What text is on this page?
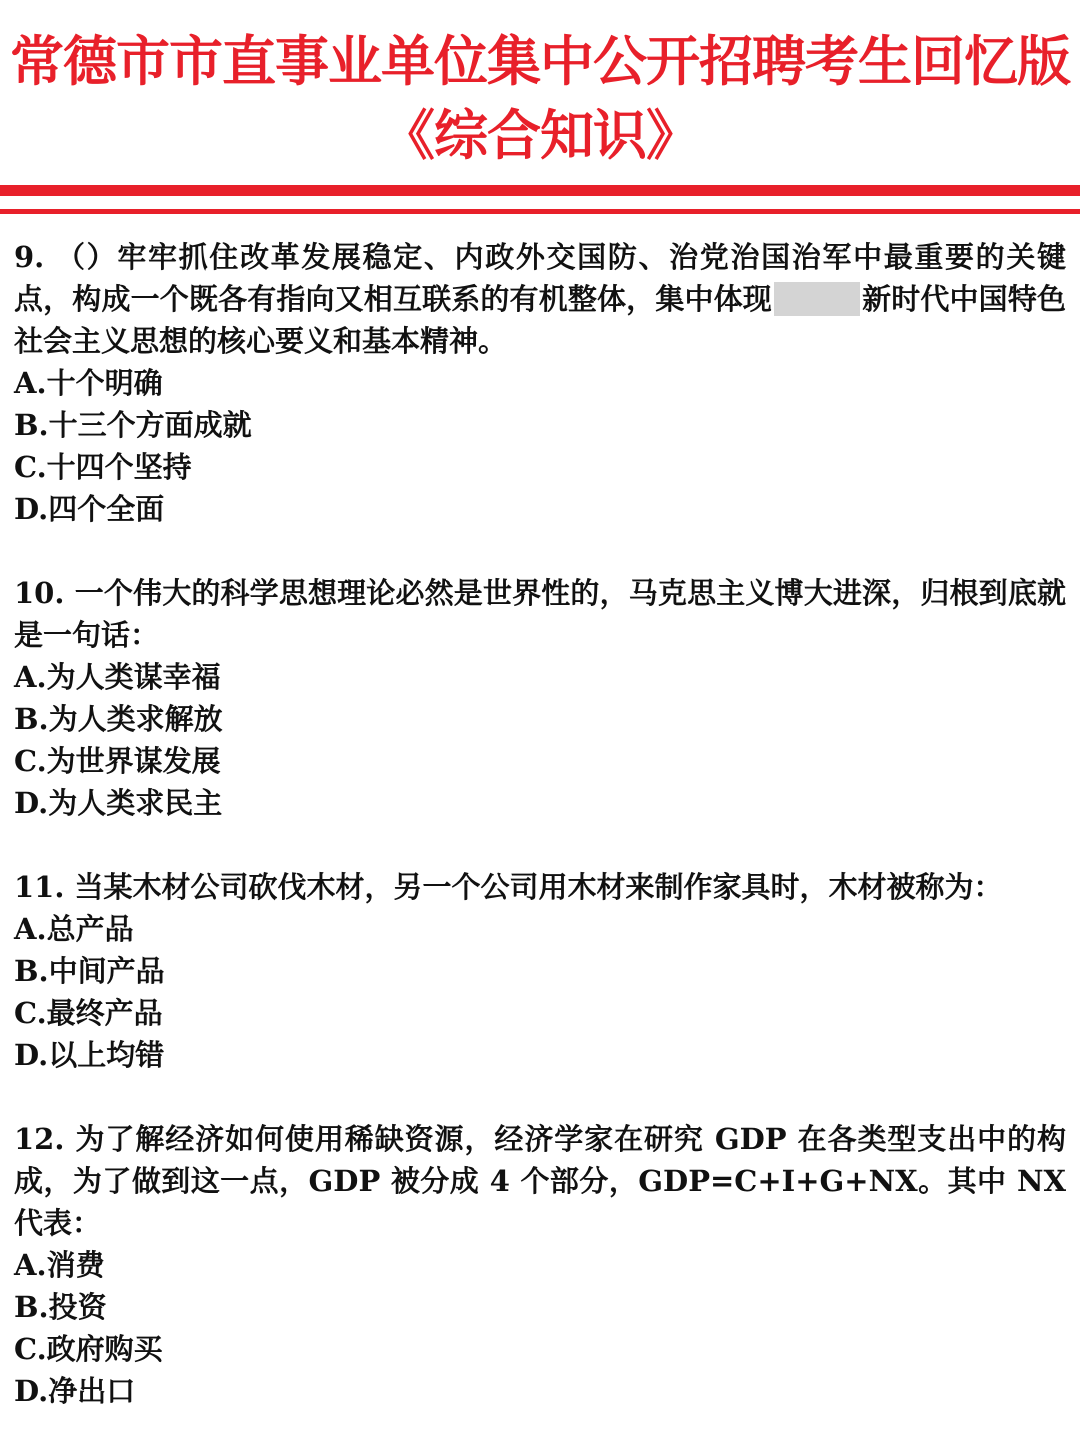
常德市市直事业单位集中公开招聘考生回忆版
《综合知识》
9. （）牢牢抓住改革发展稳定、内政外交国防、治党治国治军中最重要的关键点，构成一个既各有指向又相互联系的有机整体，集中体现	新时代中国特色社会主义思想的核心要义和基本精神。
A.十个明确
B.十三个方面成就
C.十四个坚持
D.四个全面
10. 一个伟大的科学思想理论必然是世界性的，马克思主义博大进深，归根到底就是一句话：
A.为人类谋幸福
B.为人类求解放
C.为世界谋发展
D.为人类求民主
11. 当某木材公司砍伐木材，另一个公司用木材来制作家具时，木材被称为：
A.总产品
B.中间产品
C.最终产品
D.以上均错
12. 为了解经济如何使用稀缺资源，经济学家在研究 GDP 在各类型支出中的构成，为了做到这一点，GDP 被分成 4 个部分，GDP=C+I+G+NX。其中 NX 代表：
A.消费
B.投资
C.政府购买
D.净出口
